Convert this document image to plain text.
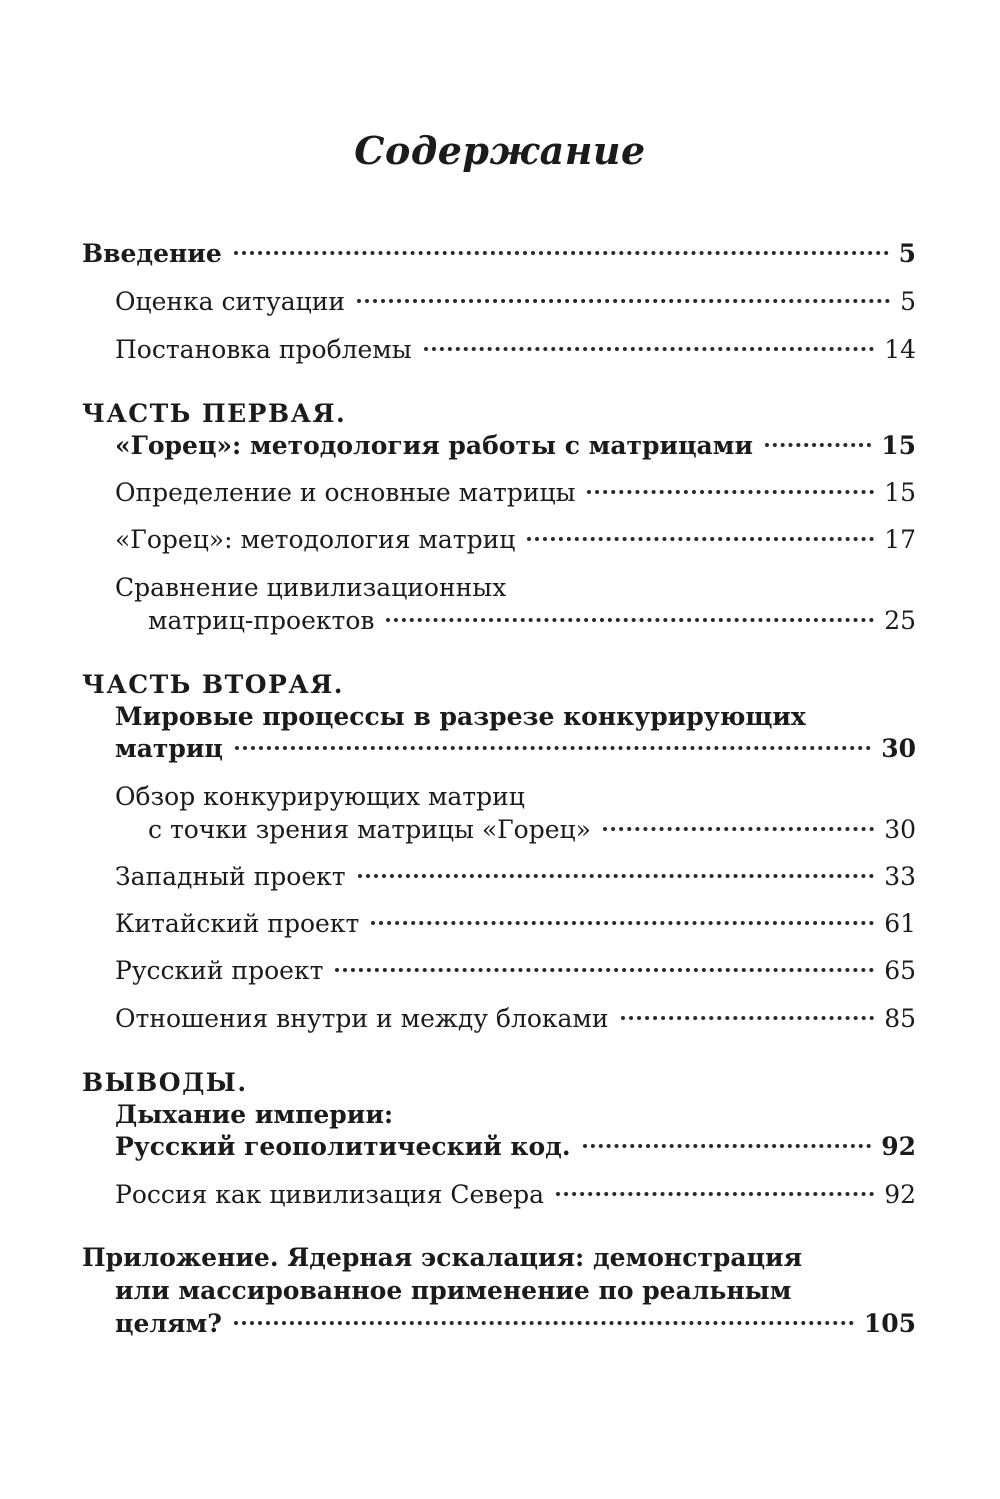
Содержание
Введение	5
Оценка ситуации	5
Постановка проблемы	14
ЧАСТЬ ПЕРВАЯ.
«Горец»: методология работы с матрицами	15
Определение и основные матрицы	15
«Горец»: методология матриц	17
Сравнение цивилизационных
матриц-проектов	25
ЧАСТЬ ВТОРАЯ.
Мировые процессы в разрезе конкурирующих
матриц	30
Обзор конкурирующих матриц
с точки зрения матрицы «Горец»	30
Западный проект	33
Китайский проект	61
Русский проект	65
Отношения внутри и между блоками	85
ВЫВОДЫ.
Дыхание империи:
Русский геополитический код.	92
Россия как цивилизация Севера	92
Приложение. Ядерная эскалация: демонстрация
или массированное применение по реальным
целям?	105
